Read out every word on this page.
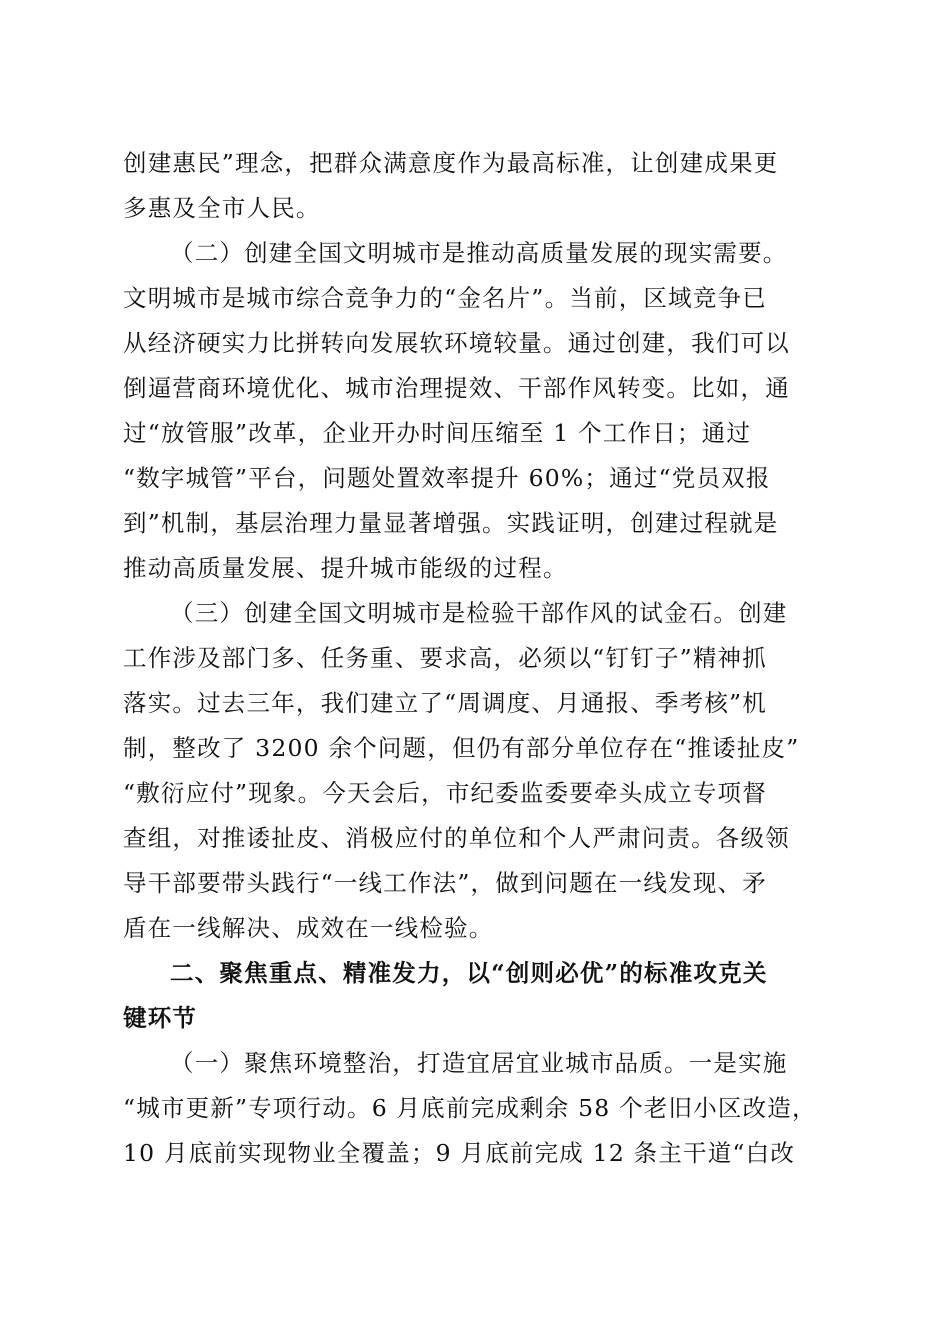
创建惠民”理念，把群众满意度作为最高标准，让创建成果更
多惠及全市人民。
（二）创建全国文明城市是推动高质量发展的现实需要。
文明城市是城市综合竞争力的“金名片”。当前，区域竞争已
从经济硬实力比拼转向发展软环境较量。通过创建，我们可以
倒逼营商环境优化、城市治理提效、干部作风转变。比如，通
过“放管服”改革，企业开办时间压缩至 1 个工作日；通过
“数字城管”平台，问题处置效率提升 60%；通过“党员双报
到”机制，基层治理力量显著增强。实践证明，创建过程就是
推动高质量发展、提升城市能级的过程。
（三）创建全国文明城市是检验干部作风的试金石。创建
工作涉及部门多、任务重、要求高，必须以“钉钉子”精神抓
落实。过去三年，我们建立了“周调度、月通报、季考核”机
制，整改了 3200 余个问题，但仍有部分单位存在“推诿扯皮”
“敷衍应付”现象。今天会后，市纪委监委要牵头成立专项督
查组，对推诿扯皮、消极应付的单位和个人严肃问责。各级领
导干部要带头践行“一线工作法”，做到问题在一线发现、矛
盾在一线解决、成效在一线检验。
二、聚焦重点、精准发力，以“创则必优”的标准攻克关
键环节
（一）聚焦环境整治，打造宜居宜业城市品质。一是实施
“城市更新”专项行动。6 月底前完成剩余 58 个老旧小区改造，
10 月底前实现物业全覆盖；9 月底前完成 12 条主干道“白改
